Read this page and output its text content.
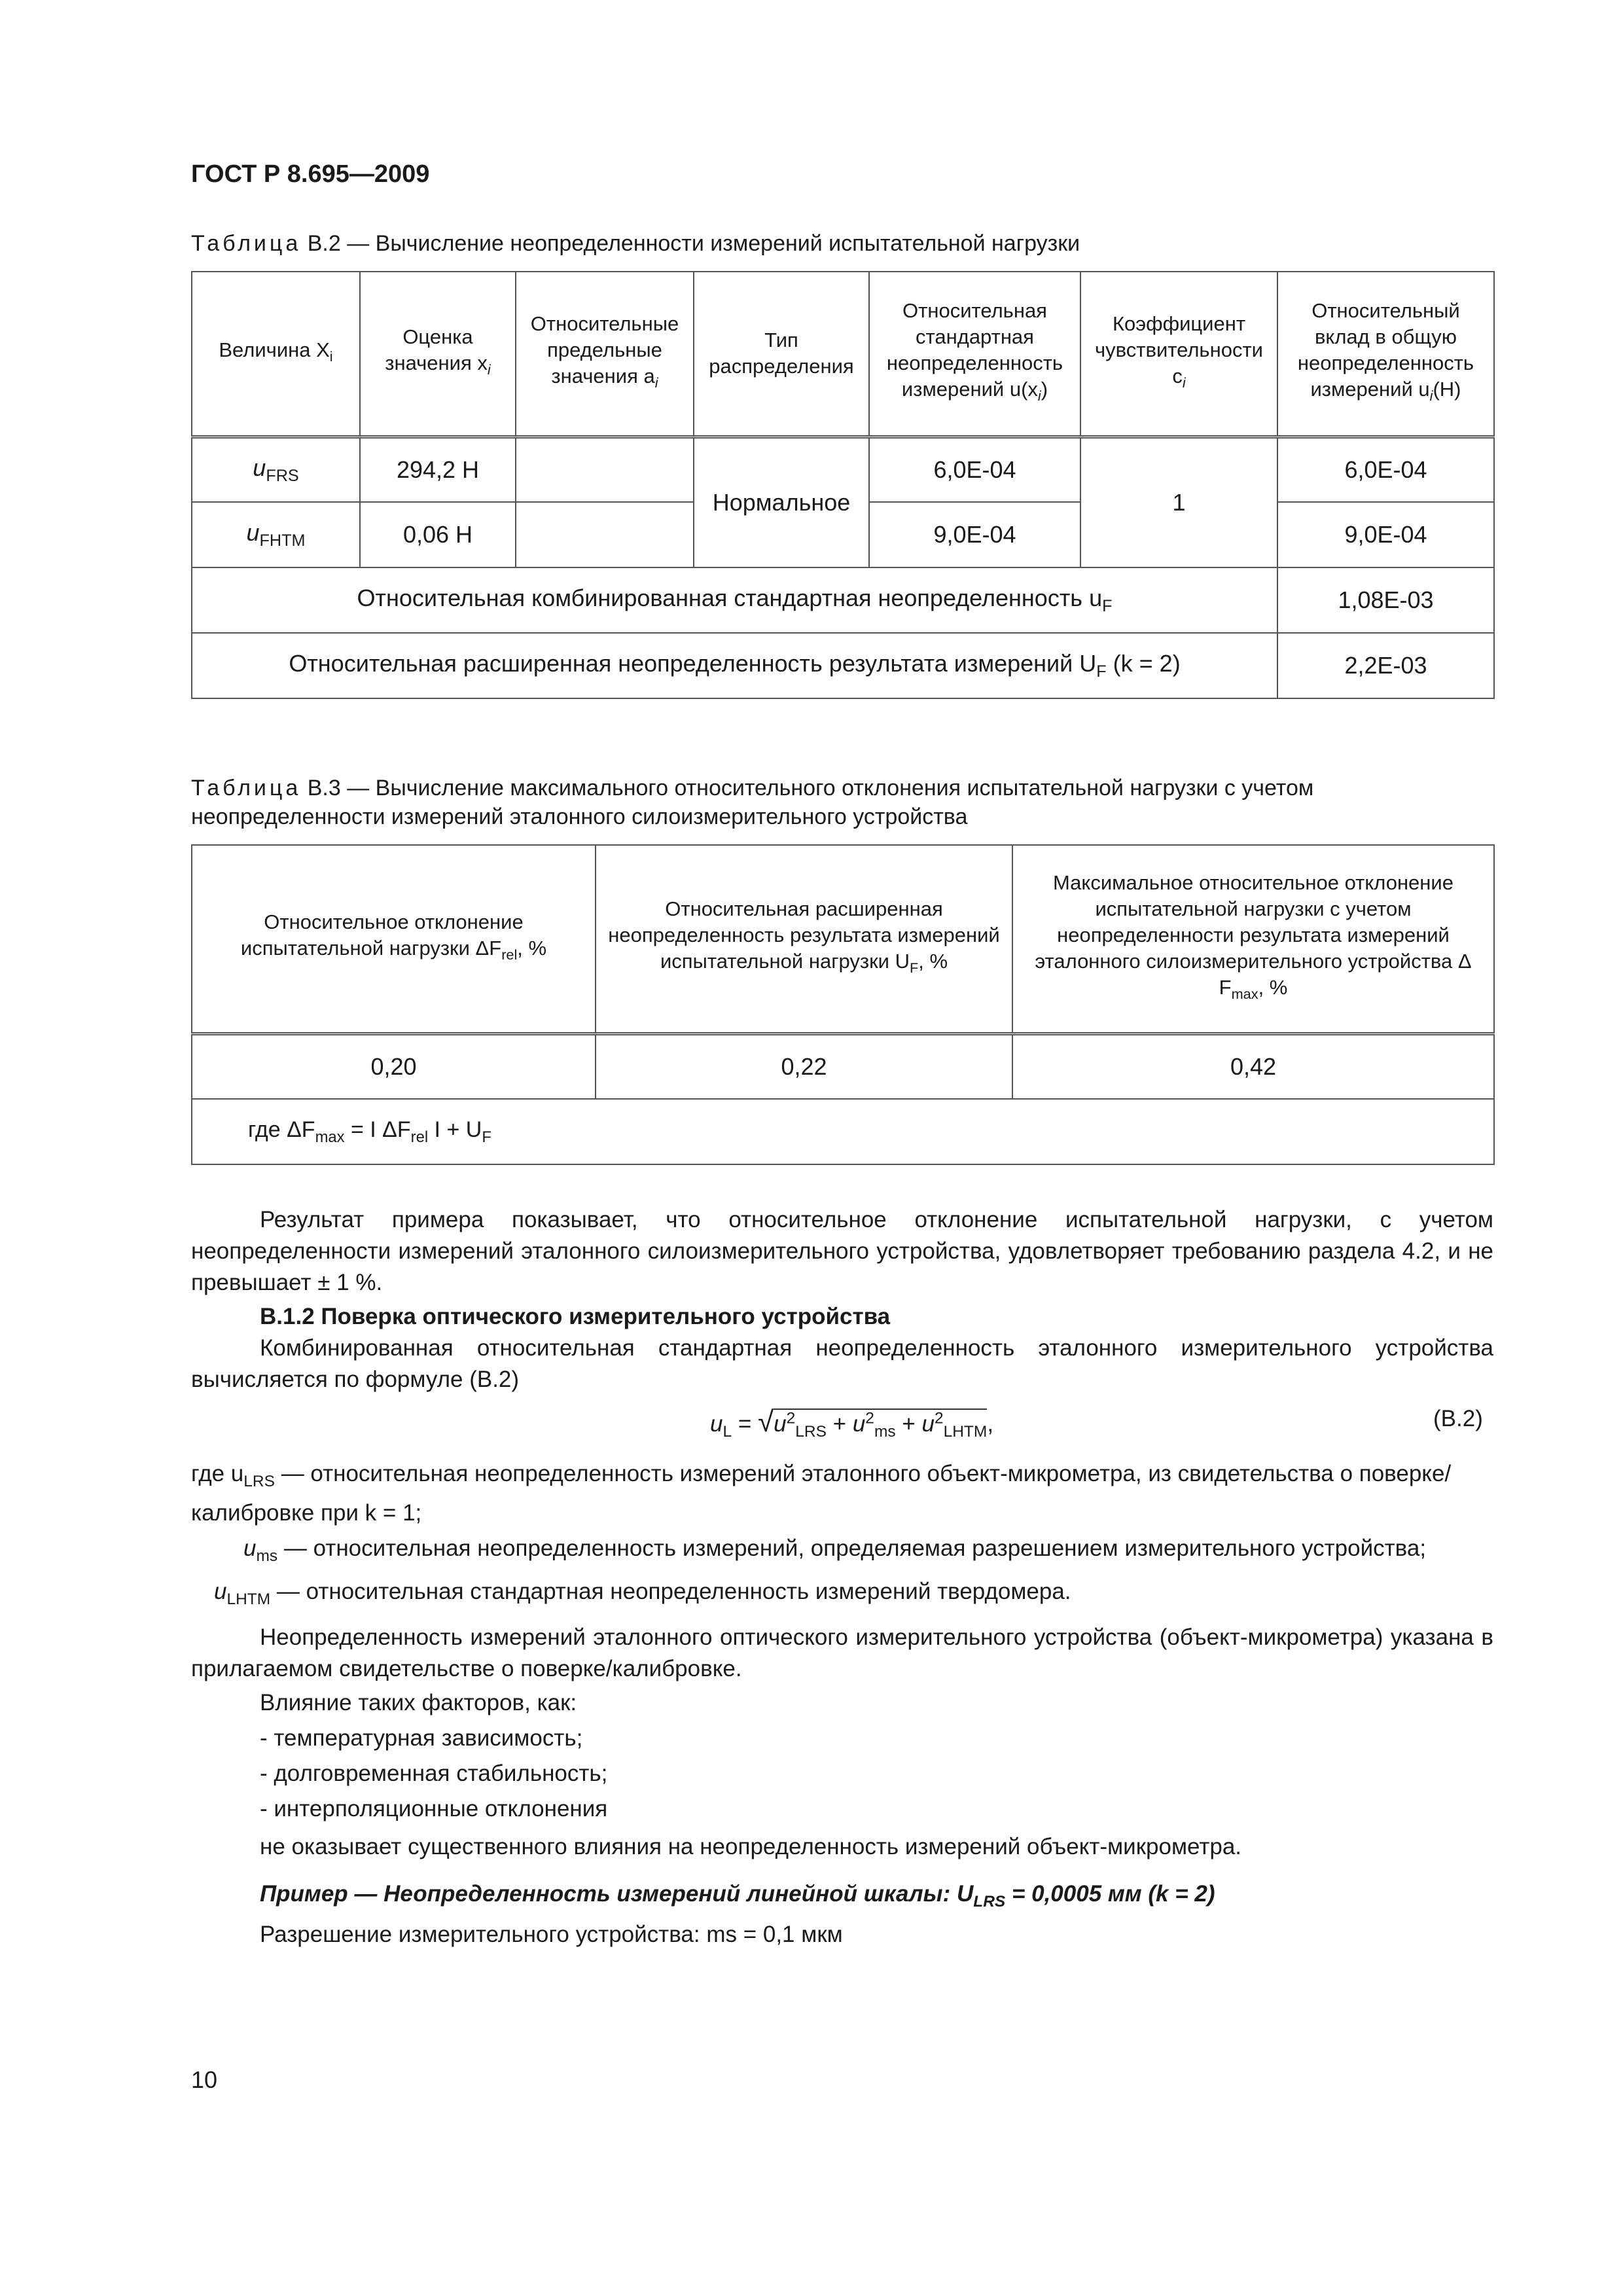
ГОСТ Р 8.695—2009
Таблица В.2 — Вычисление неопределенности измерений испытательной нагрузки
Величина $X_i$	Оценка значения $x_i$	Относительные предельные значения $a_i$	Тип распределения	Относительная стандартная неопределенность измерений $u(x_i)$	Коэффициент чувствительности $c_i$	Относительный вклад в общую неопределенность измерений $u_i(H)$
$u_{FRS}$	294,2 Н		Нормальное	6,0E-04	1	6,0E-04
$u_{FHTM}$	0,06 Н			9,0E-04		9,0E-04
Относительная комбинированная стандартная неопределенность $u_F$						1,08E-03
Относительная расширенная неопределенность результата измерений $U_F$ (k = 2)						2,2E-03
Таблица В.3 — Вычисление максимального относительного отклонения испытательной нагрузки с учетом неопределенности измерений эталонного силоизмерительного устройства
Относительное отклонение испытательной нагрузки $\Delta F_{rel}$, %	Относительная расширенная неопределенность результата измерений испытательной нагрузки $U_F$, %	Максимальное относительное отклонение испытательной нагрузки с учетом неопределенности результата измерений эталонного силоизмерительного устройства Δ $F_{max}$, %
0,20	0,22	0,42
где $\Delta F_{max} = I$ $\Delta F_{rel}$ $I + U_F$
Результат примера показывает, что относительное отклонение испытательной нагрузки, с учетом неопределенности измерений эталонного силоизмерительного устройства, удовлетворяет требованию раздела 4.2, и не превышает ± 1 %.
В.1.2 Поверка оптического измерительного устройства
Комбинированная относительная стандартная неопределенность эталонного измерительного устройства вычисляется по формуле (В.2)
$u_L = √u^2_{LRS} + u^2_{ms} + u^2_{LHTM}$,	(В.2)
где $u_{LRS}$ — относительная неопределенность измерений эталонного объект-микрометра, из свидетельства о поверке/калибровке при k = 1;
$u_{ms}$ — относительная неопределенность измерений, определяемая разрешением измерительного устройства;
$u_{LHTM}$ — относительная стандартная неопределенность измерений твердомера.
Неопределенность измерений эталонного оптического измерительного устройства (объект-микрометра) указана в прилагаемом свидетельстве о поверке/калибровке.
Влияние таких факторов, как:
- температурная зависимость;
- долговременная стабильность;
- интерполяционные отклонения
не оказывает существенного влияния на неопределенность измерений объект-микрометра.
Пример — Неопределенность измерений линейной шкалы: $U_{LRS} = 0,0005$ мм (k = 2)
Разрешение измерительного устройства: ms = 0,1 мкм
10
